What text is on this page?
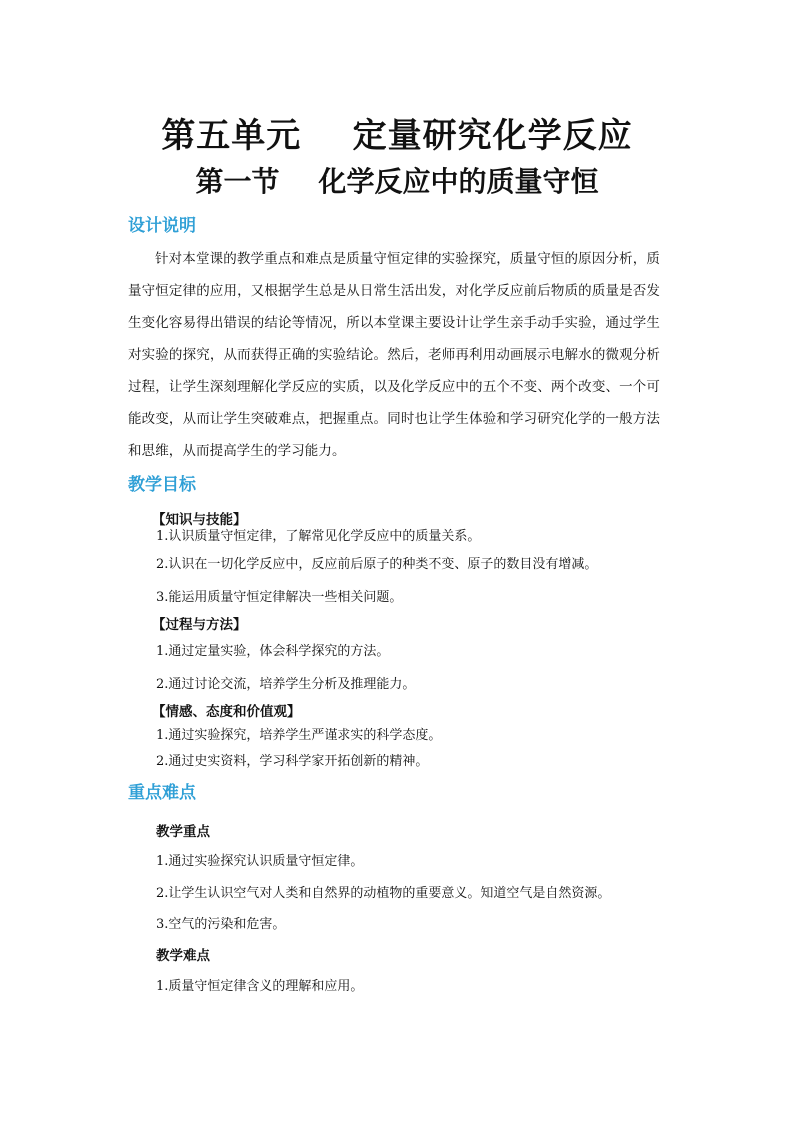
第五单元    定量研究化学反应
第一节    化学反应中的质量守恒
设计说明
针对本堂课的教学重点和难点是质量守恒定律的实验探究，质量守恒的原因分析，质量守恒定律的应用，又根据学生总是从日常生活出发，对化学反应前后物质的质量是否发生变化容易得出错误的结论等情况，所以本堂课主要设计让学生亲手动手实验，通过学生对实验的探究，从而获得正确的实验结论。然后，老师再利用动画展示电解水的微观分析过程，让学生深刻理解化学反应的实质，以及化学反应中的五个不变、两个改变、一个可能改变，从而让学生突破难点，把握重点。同时也让学生体验和学习研究化学的一般方法和思维，从而提高学生的学习能力。
教学目标
【知识与技能】
1.认识质量守恒定律，了解常见化学反应中的质量关系。
2.认识在一切化学反应中，反应前后原子的种类不变、原子的数目没有增减。
3.能运用质量守恒定律解决一些相关问题。
【过程与方法】
1.通过定量实验，体会科学探究的方法。
2.通过讨论交流，培养学生分析及推理能力。
【情感、态度和价值观】
1.通过实验探究，培养学生严谨求实的科学态度。
2.通过史实资料，学习科学家开拓创新的精神。
重点难点
教学重点
1.通过实验探究认识质量守恒定律。
2.让学生认识空气对人类和自然界的动植物的重要意义。知道空气是自然资源。
3.空气的污染和危害。
教学难点
1.质量守恒定律含义的理解和应用。
